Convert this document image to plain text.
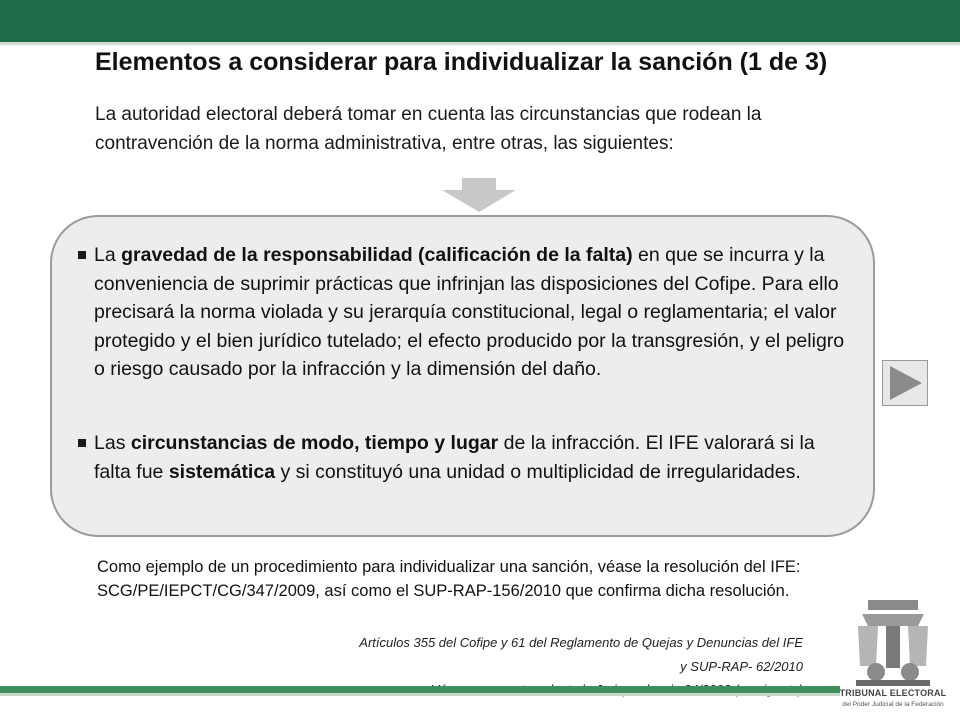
Elementos a considerar para individualizar la sanción (1 de 3)

La autoridad electoral deberá tomar en cuenta las circunstancias que rodean la contravención de la norma administrativa, entre otras, las siguientes:

La gravedad de la responsabilidad (calificación de la falta) en que se incurra y la conveniencia de suprimir prácticas que infrinjan las disposiciones del Cofipe. Para ello precisará la norma violada y su jerarquía constitucional, legal o reglamentaria; el valor protegido y el bien jurídico tutelado; el efecto producido por la transgresión, y el peligro o riesgo causado por la infracción y la dimensión del daño.
Las circunstancias de modo, tiempo y lugar de la infracción. El IFE valorará si la falta fue sistemática y si constituyó una unidad o multiplicidad de irregularidades.

Como ejemplo de un procedimiento para individualizar una sanción, véase la resolución del IFE: SCG/PE/IEPCT/CG/347/2009, así como el SUP-RAP-156/2010 que confirma dicha resolución.

Artículos 355 del Cofipe y 61 del Reglamento de Quejas y Denuncias del IFE
y SUP-RAP- 62/2010
TRIBUNAL ELECTORAL
del Poder Judicial de la Federación
